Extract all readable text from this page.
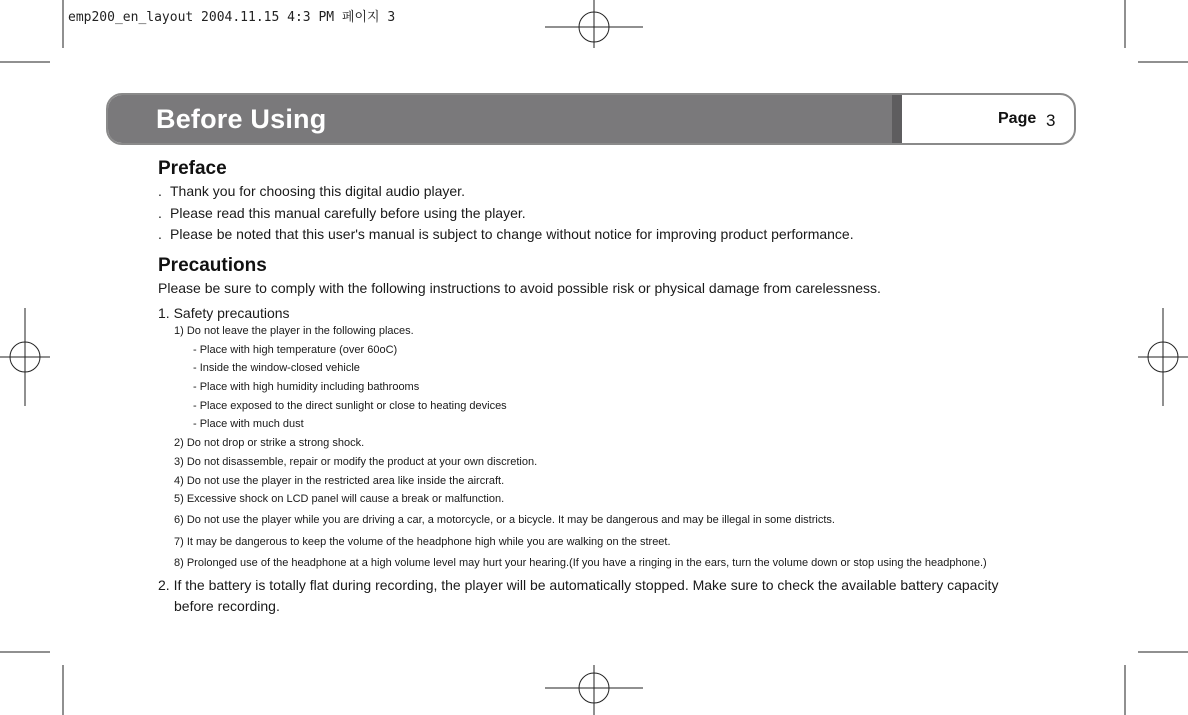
emp200_en_layout 2004.11.15 4:3 PM 페이지 3
Before Using	Page 3
Preface
. Thank you for choosing this digital audio player.
. Please read this manual carefully before using the player.
. Please be noted that this user's manual is subject to change without notice for improving product performance.
Precautions
Please be sure to comply with the following instructions to avoid possible risk or physical damage from carelessness.
1. Safety precautions
1) Do not leave the player in the following places.
- Place with high temperature (over 60oC)
- Inside the window-closed vehicle
- Place with high humidity including bathrooms
- Place exposed to the direct sunlight or close to heating devices
- Place with much dust
2) Do not drop or strike a strong shock.
3) Do not disassemble, repair or modify the product at your own discretion.
4) Do not use the player in the restricted area like inside the aircraft.
5) Excessive shock on LCD panel will cause a break or malfunction.
6) Do not use the player while you are driving a car, a motorcycle, or a bicycle. It may be dangerous and may be illegal in some districts.
7) It may be dangerous to keep the volume of the headphone high while you are walking on the street.
8) Prolonged use of the headphone at a high volume level may hurt your hearing.(If you have a ringing in the ears, turn the volume down or stop using the headphone.)
2. If the battery is totally flat during recording, the player will be automatically stopped. Make sure to check the available battery capacity
before recording.
